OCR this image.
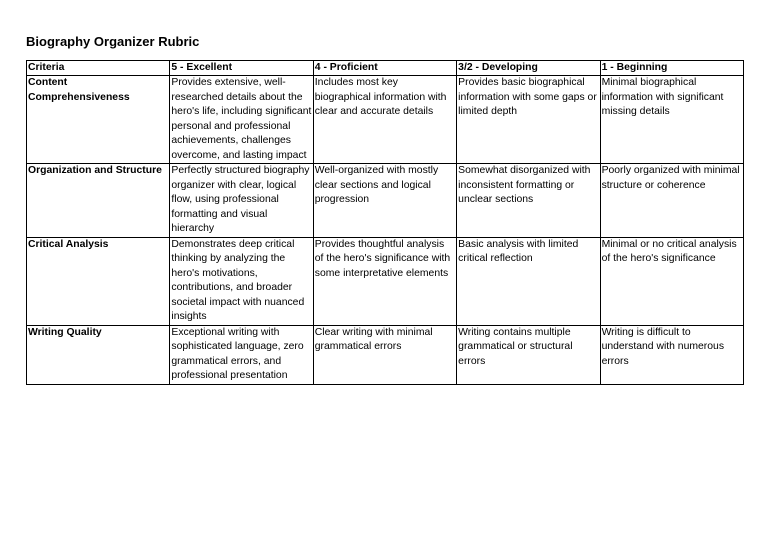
Biography Organizer Rubric
Criteria	5 - Excellent	4 - Proficient	3/2 - Developing	1 - Beginning
Content Comprehensiveness	Provides extensive, well-researched details about the hero's life, including significant personal and professional achievements, challenges overcome, and lasting impact	Includes most key biographical information with clear and accurate details	Provides basic biographical information with some gaps or limited depth	Minimal biographical information with significant missing details
Organization and Structure	Perfectly structured biography organizer with clear, logical flow, using professional formatting and visual hierarchy	Well-organized with mostly clear sections and logical progression	Somewhat disorganized with inconsistent formatting or unclear sections	Poorly organized with minimal structure or coherence
Critical Analysis	Demonstrates deep critical thinking by analyzing the hero's motivations, contributions, and broader societal impact with nuanced insights	Provides thoughtful analysis of the hero's significance with some interpretative elements	Basic analysis with limited critical reflection	Minimal or no critical analysis of the hero's significance
Writing Quality	Exceptional writing with sophisticated language, zero grammatical errors, and professional presentation	Clear writing with minimal grammatical errors	Writing contains multiple grammatical or structural errors	Writing is difficult to understand with numerous errors
